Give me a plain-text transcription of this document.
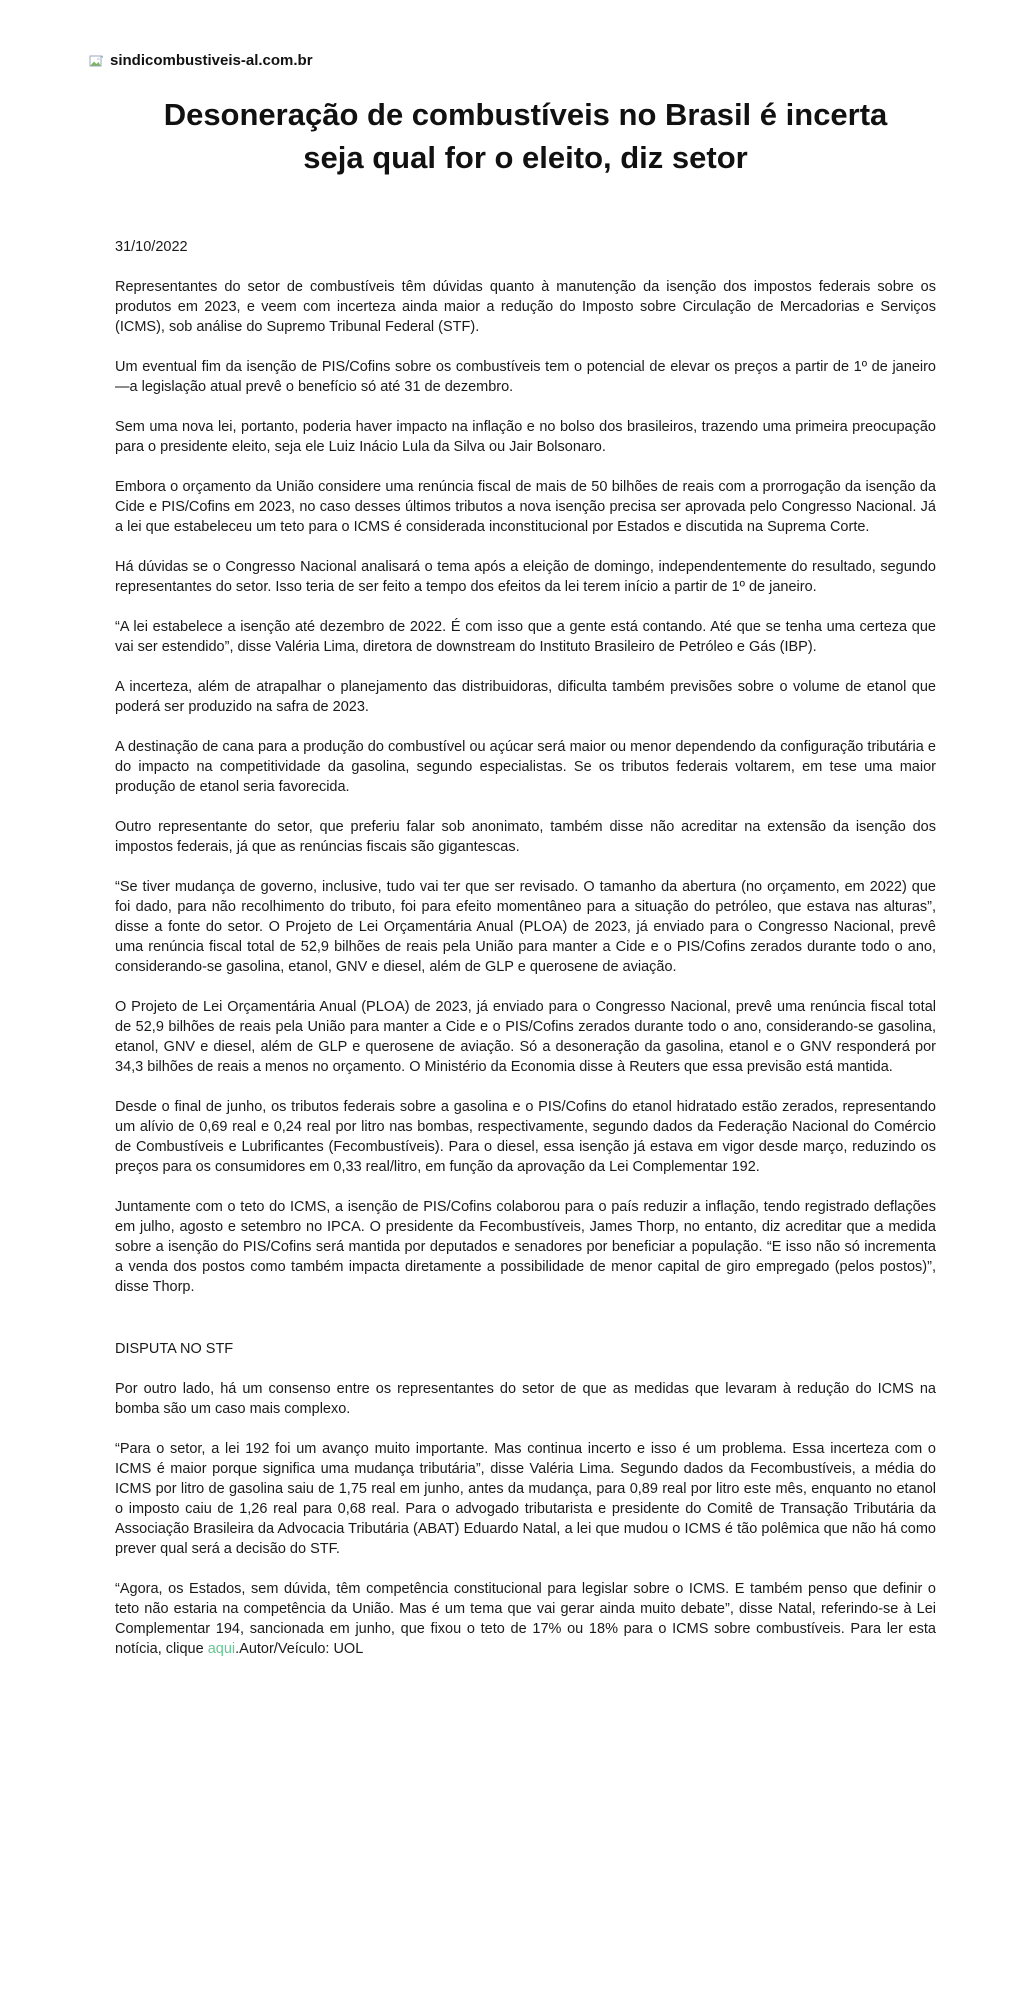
sindicombustiveis-al.com.br
Desoneração de combustíveis no Brasil é incerta
seja qual for o eleito, diz setor
31/10/2022

Representantes do setor de combustíveis têm dúvidas quanto à manutenção da isenção dos impostos federais sobre os produtos em 2023, e veem com incerteza ainda maior a redução do Imposto sobre Circulação de Mercadorias e Serviços (ICMS), sob análise do Supremo Tribunal Federal (STF).

Um eventual fim da isenção de PIS/Cofins sobre os combustíveis tem o potencial de elevar os preços a partir de 1º de janeiro —a legislação atual prevê o benefício só até 31 de dezembro.

Sem uma nova lei, portanto, poderia haver impacto na inflação e no bolso dos brasileiros, trazendo uma primeira preocupação para o presidente eleito, seja ele Luiz Inácio Lula da Silva ou Jair Bolsonaro.

Embora o orçamento da União considere uma renúncia fiscal de mais de 50 bilhões de reais com a prorrogação da isenção da Cide e PIS/Cofins em 2023, no caso desses últimos tributos a nova isenção precisa ser aprovada pelo Congresso Nacional. Já a lei que estabeleceu um teto para o ICMS é considerada inconstitucional por Estados e discutida na Suprema Corte.

Há dúvidas se o Congresso Nacional analisará o tema após a eleição de domingo, independentemente do resultado, segundo representantes do setor. Isso teria de ser feito a tempo dos efeitos da lei terem início a partir de 1º de janeiro.

“A lei estabelece a isenção até dezembro de 2022. É com isso que a gente está contando. Até que se tenha uma certeza que vai ser estendido”, disse Valéria Lima, diretora de downstream do Instituto Brasileiro de Petróleo e Gás (IBP).

A incerteza, além de atrapalhar o planejamento das distribuidoras, dificulta também previsões sobre o volume de etanol que poderá ser produzido na safra de 2023.

A destinação de cana para a produção do combustível ou açúcar será maior ou menor dependendo da configuração tributária e do impacto na competitividade da gasolina, segundo especialistas. Se os tributos federais voltarem, em tese uma maior produção de etanol seria favorecida.

Outro representante do setor, que preferiu falar sob anonimato, também disse não acreditar na extensão da isenção dos impostos federais, já que as renúncias fiscais são gigantescas.

“Se tiver mudança de governo, inclusive, tudo vai ter que ser revisado. O tamanho da abertura (no orçamento, em 2022) que foi dado, para não recolhimento do tributo, foi para efeito momentâneo para a situação do petróleo, que estava nas alturas”, disse a fonte do setor. O Projeto de Lei Orçamentária Anual (PLOA) de 2023, já enviado para o Congresso Nacional, prevê uma renúncia fiscal total de 52,9 bilhões de reais pela União para manter a Cide e o PIS/Cofins zerados durante todo o ano, considerando-se gasolina, etanol, GNV e diesel, além de GLP e querosene de aviação.

O Projeto de Lei Orçamentária Anual (PLOA) de 2023, já enviado para o Congresso Nacional, prevê uma renúncia fiscal total de 52,9 bilhões de reais pela União para manter a Cide e o PIS/Cofins zerados durante todo o ano, considerando-se gasolina, etanol, GNV e diesel, além de GLP e querosene de aviação. Só a desoneração da gasolina, etanol e o GNV responderá por 34,3 bilhões de reais a menos no orçamento. O Ministério da Economia disse à Reuters que essa previsão está mantida.

Desde o final de junho, os tributos federais sobre a gasolina e o PIS/Cofins do etanol hidratado estão zerados, representando um alívio de 0,69 real e 0,24 real por litro nas bombas, respectivamente, segundo dados da Federação Nacional do Comércio de Combustíveis e Lubrificantes (Fecombustíveis). Para o diesel, essa isenção já estava em vigor desde março, reduzindo os preços para os consumidores em 0,33 real/litro, em função da aprovação da Lei Complementar 192.

Juntamente com o teto do ICMS, a isenção de PIS/Cofins colaborou para o país reduzir a inflação, tendo registrado deflações em julho, agosto e setembro no IPCA. O presidente da Fecombustíveis, James Thorp, no entanto, diz acreditar que a medida sobre a isenção do PIS/Cofins será mantida por deputados e senadores por beneficiar a população. “E isso não só incrementa a venda dos postos como também impacta diretamente a possibilidade de menor capital de giro empregado (pelos postos)”, disse Thorp.

DISPUTA NO STF

Por outro lado, há um consenso entre os representantes do setor de que as medidas que levaram à redução do ICMS na bomba são um caso mais complexo.

“Para o setor, a lei 192 foi um avanço muito importante. Mas continua incerto e isso é um problema. Essa incerteza com o ICMS é maior porque significa uma mudança tributária”, disse Valéria Lima. Segundo dados da Fecombustíveis, a média do ICMS por litro de gasolina saiu de 1,75 real em junho, antes da mudança, para 0,89 real por litro este mês, enquanto no etanol o imposto caiu de 1,26 real para 0,68 real. Para o advogado tributarista e presidente do Comitê de Transação Tributária da Associação Brasileira da Advocacia Tributária (ABAT) Eduardo Natal, a lei que mudou o ICMS é tão polêmica que não há como prever qual será a decisão do STF.

“Agora, os Estados, sem dúvida, têm competência constitucional para legislar sobre o ICMS. E também penso que definir o teto não estaria na competência da União. Mas é um tema que vai gerar ainda muito debate”, disse Natal, referindo-se à Lei Complementar 194, sancionada em junho, que fixou o teto de 17% ou 18% para o ICMS sobre combustíveis. Para ler esta notícia, clique aqui.Autor/Veículo: UOL
